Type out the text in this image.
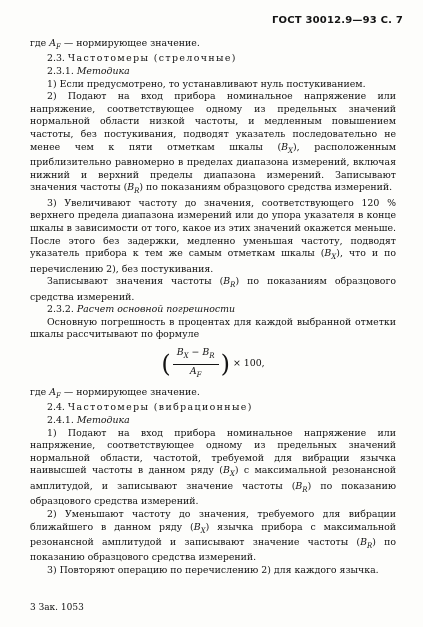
ГОСТ 30012.9—93 С. 7

где $A_F$ — нормирующее значение.

2.3. Частотомеры (стрелочные)

2.3.1. Методика

1) Если предусмотрено, то устанавливают нуль постукиванием.

2) Подают на вход прибора номинальное напряжение или напряжение, соответствующее одному из предельных значений нормальной области низкой частоты, и медленным повышением частоты, без постукивания, подводят указатель последовательно не менее чем к пяти отметкам шкалы $(B_X)$, расположенным приблизительно равномерно в пределах диапазона измерений, включая нижний и верхний пределы диапазона измерений. Записывают значения частоты $(B_R)$ по показаниям образцового средства измерений.

3) Увеличивают частоту до значения, соответствующего 120 % верхнего предела диапазона измерений или до упора указателя в конце шкалы в зависимости от того, какое из этих значений окажется меньше. После этого без задержки, медленно уменьшая частоту, подводят указатель прибора к тем же самым отметкам шкалы $(B_X)$, что и по перечислению 2), без постукивания.

Записывают значения частоты $(B_R)$ по показаниям образцового средства измерений.

2.3.2. Расчет основной погрешности

Основную погрешность в процентах для каждой выбранной отметки шкалы рассчитывают по формуле

( $\frac{B_X - B_R}{A_F}$ ) × 100,

где $A_F$ — нормирующее значение.

2.4. Частотомеры (вибрационные)

2.4.1. Методика

1) Подают на вход прибора номинальное напряжение или напряжение, соответствующее одному из предельных значений нормальной области, частотой, требуемой для вибрации язычка наивысшей частоты в данном ряду $(B_X)$ с максимальной резонансной амплитудой, и записывают значение частоты $(B_R)$ по показанию образцового средства измерений.

2) Уменьшают частоту до значения, требуемого для вибрации ближайшего в данном ряду $(B_X)$ язычка прибора с максимальной резонансной амплитудой и записывают значение частоты $(B_R)$ по показанию образцового средства измерений.

3) Повторяют операцию по перечислению 2) для каждого язычка.

3 Зак. 1053
